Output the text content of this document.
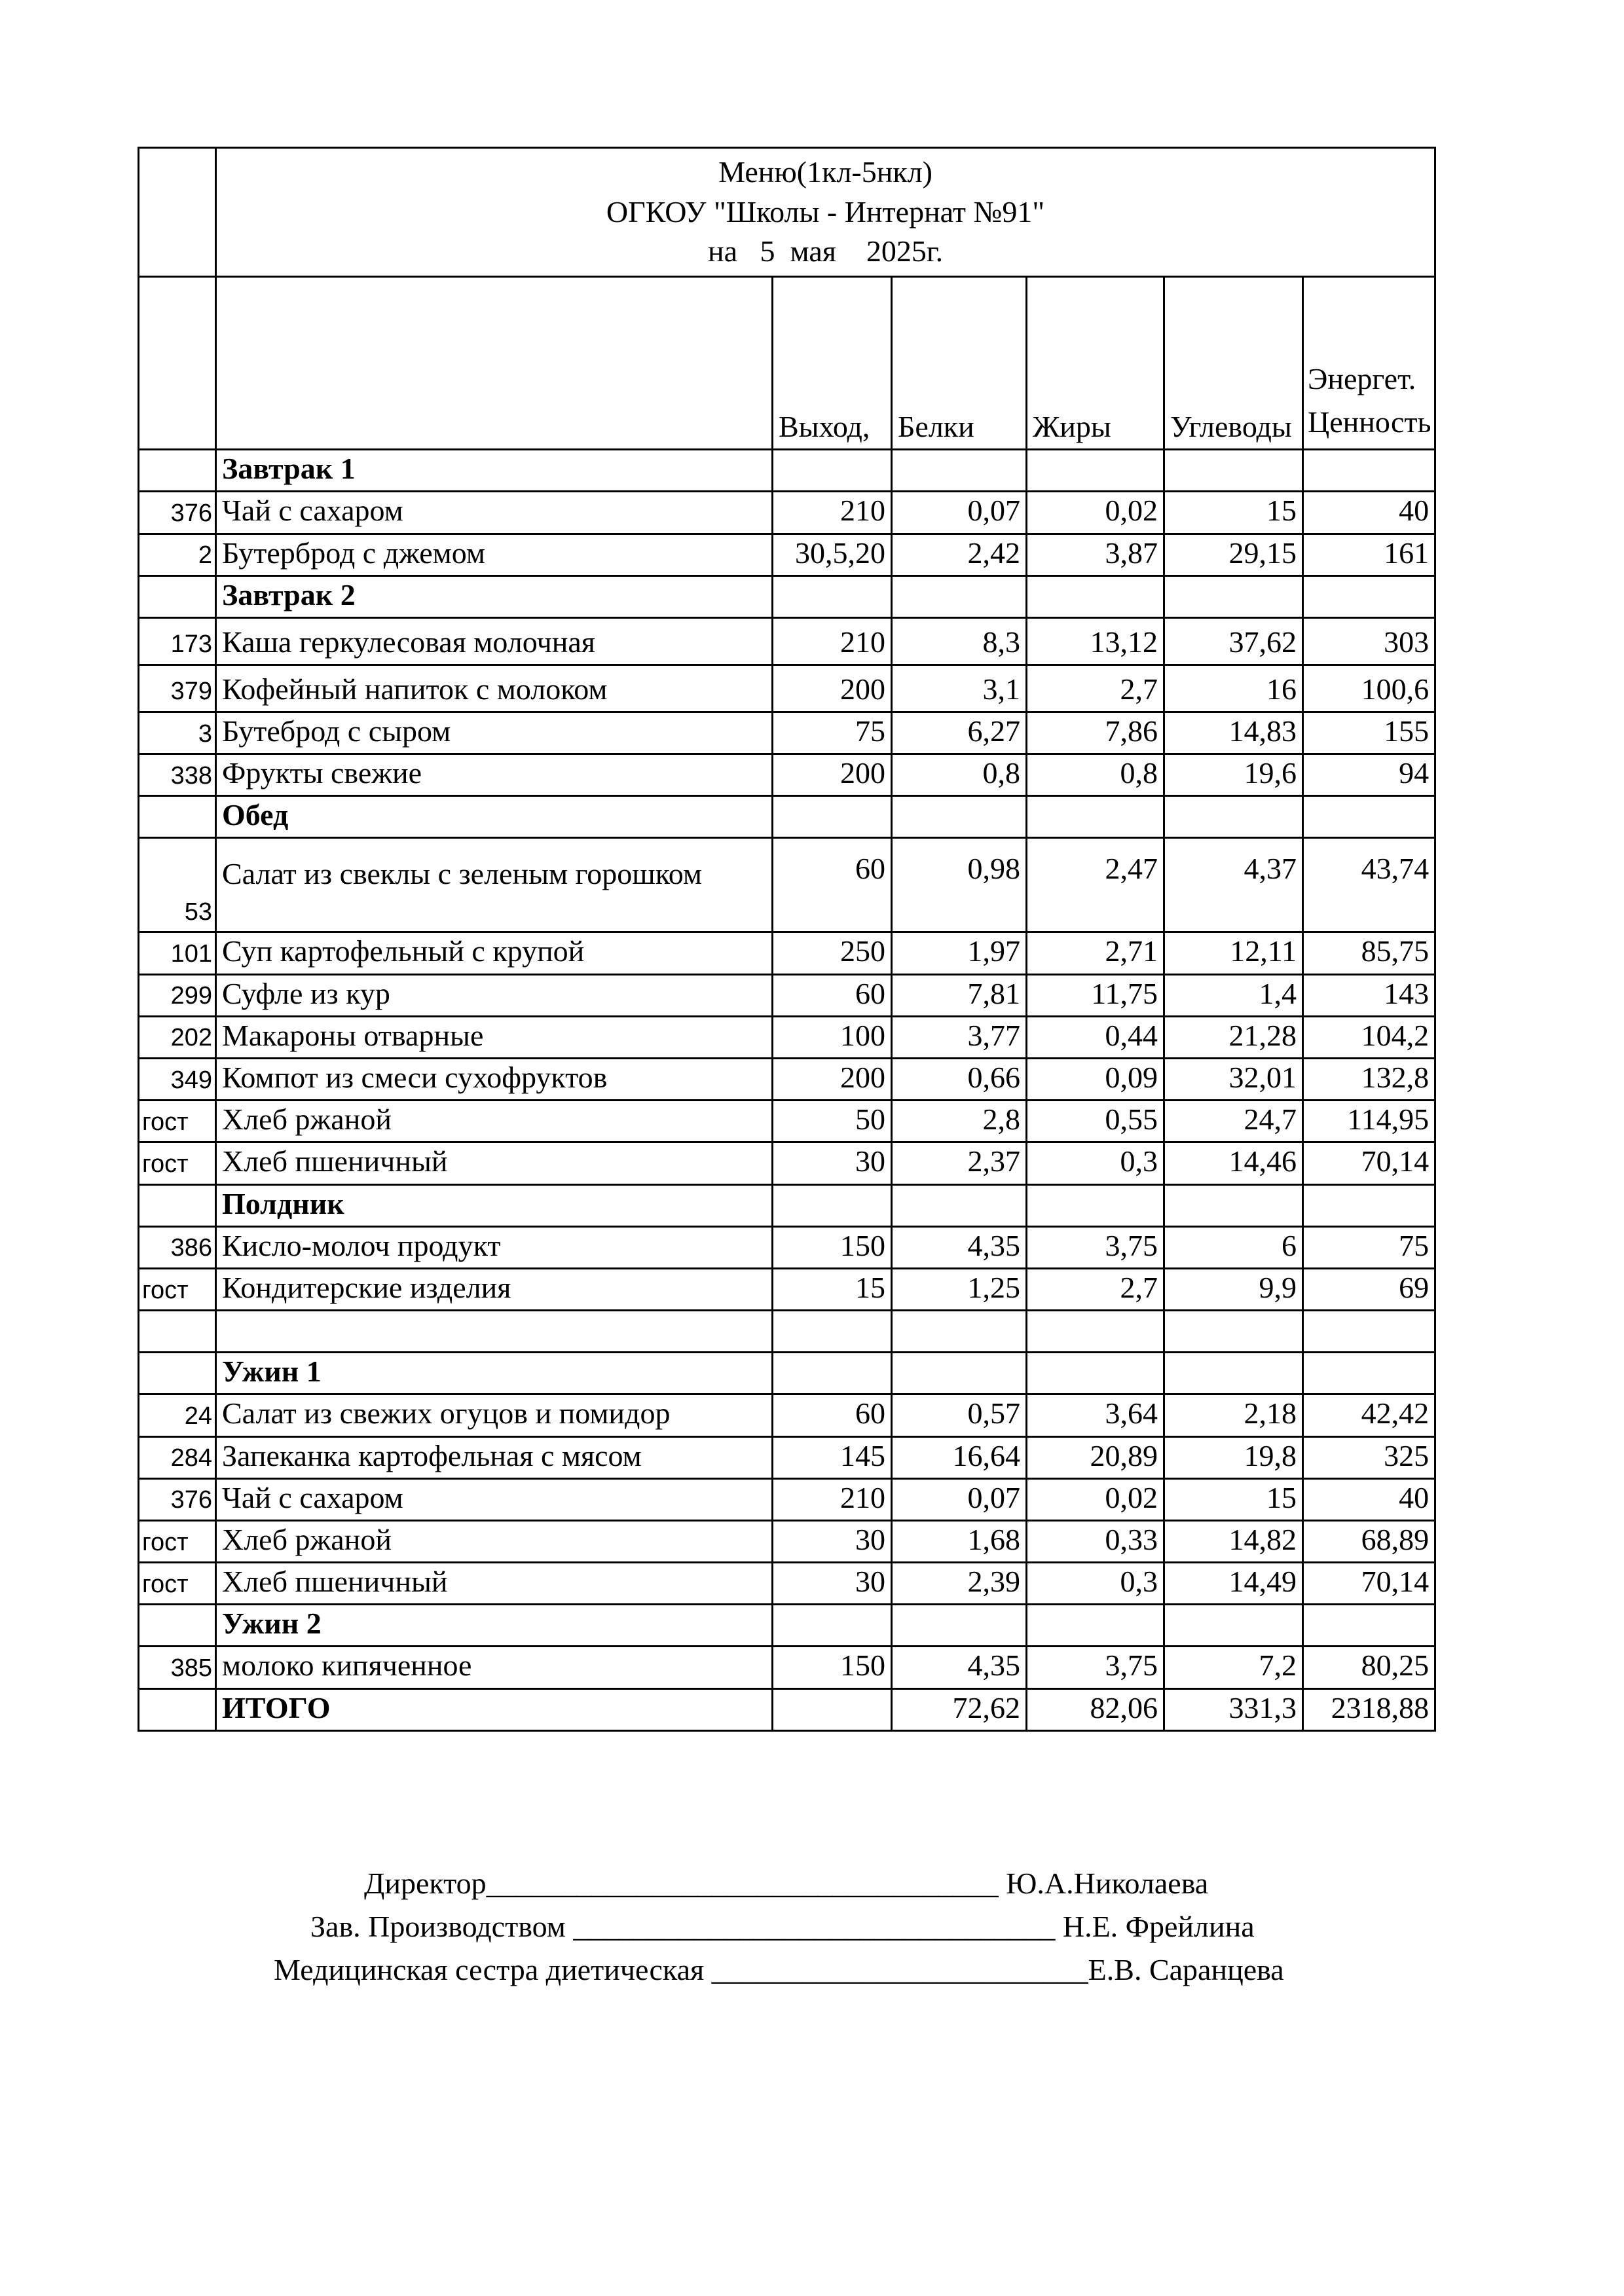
	Меню(1кл-5нкл)
ОГКОУ "Школы - Интернат №91"
на   5  мая    2025г.					

		Выход,	Белки	Жиры	Углеводы	Энергет. Ценность
	Завтрак 1					
376	Чай с сахаром	210	0,07	0,02	15	40
2	Бутерброд с джемом	30,5,20	2,42	3,87	29,15	161
	Завтрак 2					
173	Каша геркулесовая молочная	210	8,3	13,12	37,62	303
379	Кофейный напиток с молоком	200	3,1	2,7	16	100,6
3	Бутеброд с сыром	75	6,27	7,86	14,83	155
338	Фрукты свежие	200	0,8	0,8	19,6	94
	Обед					
53	Салат из свеклы с зеленым горошком	60	0,98	2,47	4,37	43,74
101	Суп картофельный с крупой	250	1,97	2,71	12,11	85,75
299	Суфле из кур	60	7,81	11,75	1,4	143
202	Макароны отварные	100	3,77	0,44	21,28	104,2
349	Компот из смеси сухофруктов	200	0,66	0,09	32,01	132,8
гост	Хлеб ржаной	50	2,8	0,55	24,7	114,95
гост	Хлеб пшеничный	30	2,37	0,3	14,46	70,14
	Полдник					
386	Кисло-молоч продукт	150	4,35	3,75	6	75
гост	Кондитерские изделия	15	1,25	2,7	9,9	69

	Ужин 1					
24	Салат из свежих огуцов и помидор	60	0,57	3,64	2,18	42,42
284	Запеканка картофельная с мясом	145	16,64	20,89	19,8	325
376	Чай с сахаром	210	0,07	0,02	15	40
гост	Хлеб ржаной	30	1,68	0,33	14,82	68,89
гост	Хлеб пшеничный	30	2,39	0,3	14,49	70,14
	Ужин 2					
385	молоко кипяченное	150	4,35	3,75	7,2	80,25
	ИТОГО		72,62	82,06	331,3	2318,88
Директор__________________________________ Ю.А.Николаева
Зав. Производством ________________________________ Н.Е. Фрейлина
Медицинская сестра диетическая _________________________Е.В. Саранцева
